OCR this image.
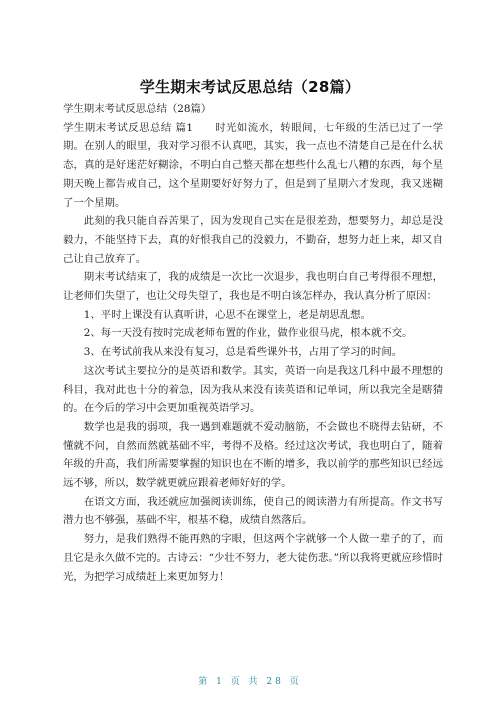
学生期末考试反思总结（28篇）

学生期末考试反思总结（28篇）

学生期末考试反思总结 篇1　　时光如流水，转眼间，七年级的生活已过了一学期。在别人的眼里，我对学习很不认真吧，其实，我一点也不清楚自己是在什么状态，真的是好迷茫好糊涂，不明白自己整天都在想些什么乱七八糟的东西，每个星期天晚上都告戒自己，这个星期要好好努力了，但是到了星期六才发现，我又迷糊了一个星期。

此刻的我只能自吞苦果了，因为发现自己实在是很差劲，想要努力，却总是没毅力，不能坚持下去，真的好恨我自己的没毅力，不勤奋，想努力赶上来，却又自己让自己放弃了。

期末考试结束了，我的成绩是一次比一次退步，我也明白自己考得很不理想，让老师们失望了，也让父母失望了，我也是不明白该怎样办，我认真分析了原因：

1、平时上课没有认真听讲，心思不在课堂上，老是胡思乱想。

2、每一天没有按时完成老师布置的作业，做作业很马虎，根本就不交。

3、在考试前我从来没有复习，总是看些课外书，占用了学习的时间。

这次考试主要拉分的是英语和数学。其实，英语一向是我这几科中最不理想的科目，我对此也十分的着急，因为我从来没有读英语和记单词，所以我完全是瞎猜的。在今后的学习中会更加重视英语学习。

数学也是我的弱项，我一遇到难题就不爱动脑筋，不会做也不晓得去钻研，不懂就不问，自然而然就基础不牢，考得不及格。经过这次考试，我也明白了，随着年级的升高，我们所需要掌握的知识也在不断的增多，我以前学的那些知识已经远远不够，所以，数学就更就应跟着老师好好的学。

在语文方面，我还就应加强阅读训练，使自己的阅读潜力有所提高。作文书写潜力也不够强，基础不牢，根基不稳，成绩自然落后。

努力，是我们熟得不能再熟的字眼，但这两个字就够一个人做一辈子的了，而且它是永久做不完的。古诗云：“少壮不努力，老大徒伤悲。”所以我将更就应珍惜时光，为把学习成绩赶上来更加努力！

第 1 页 共 28 页
